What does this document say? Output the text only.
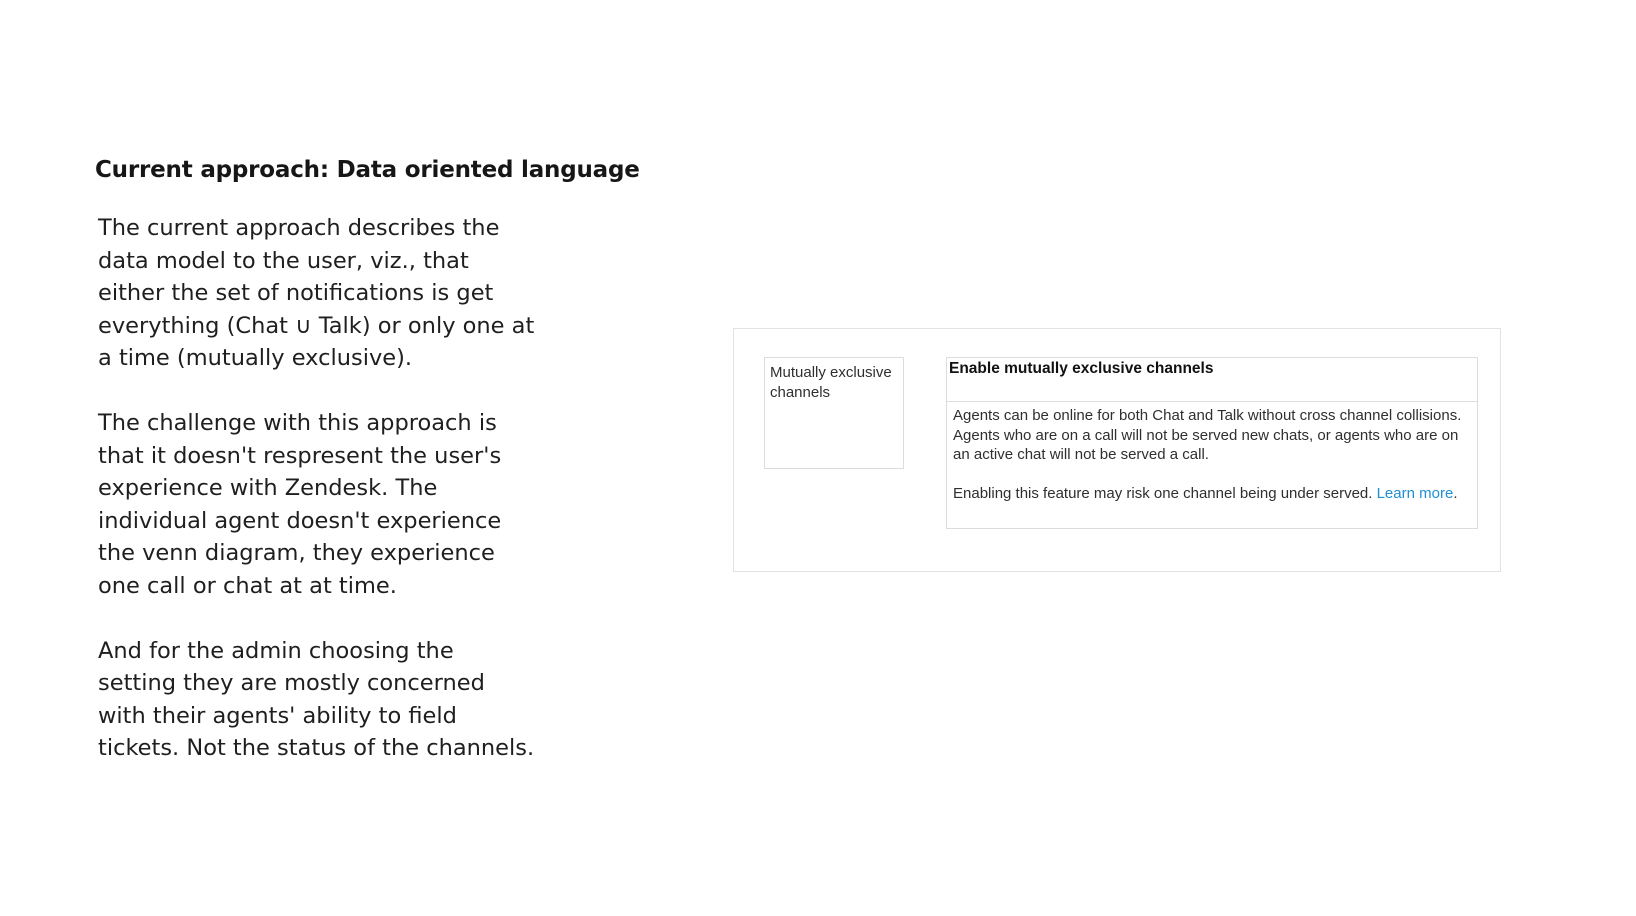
Current approach: Data oriented language

The current approach describes the data model to the user, viz., that either the set of notifications is get everything (Chat ∪ Talk) or only one at a time (mutually exclusive).

The challenge with this approach is that it doesn't respresent the user's experience with Zendesk. The individual agent doesn't experience the venn diagram, they experience one call or chat at at time.

And for the admin choosing the setting they are mostly concerned with their agents' ability to field tickets. Not the status of the channels.

Mutually exclusive channels
Enable mutually exclusive channels

Agents can be online for both Chat and Talk without cross channel collisions. Agents who are on a call will not be served new chats, or agents who are on an active chat will not be served a call.

Enabling this feature may risk one channel being under served. Learn more.
